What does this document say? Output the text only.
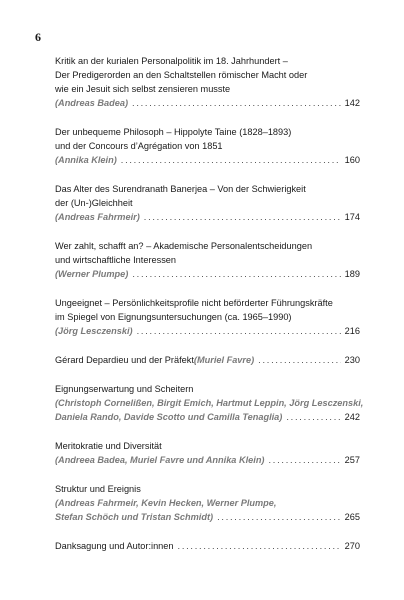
6
Kritik an der kurialen Personalpolitik im 18. Jahrhundert –
Der Predigerorden an den Schaltstellen römischer Macht oder
wie ein Jesuit sich selbst zensieren musste
(Andreas Badea) . . .	142
Der unbequeme Philosoph – Hippolyte Taine (1828–1893)
und der Concours d’Agrégation von 1851
(Annika Klein) . . .	160
Das Alter des Surendranath Banerjea – Von der Schwierigkeit
der (Un-)Gleichheit
(Andreas Fahrmeir) . . .	174
Wer zahlt, schafft an? – Akademische Personalentscheidungen
und wirtschaftliche Interessen
(Werner Plumpe) . . .	189
Ungeeignet – Persönlichkeitsprofile nicht beförderter Führungskräfte
im Spiegel von Eignungsuntersuchungen (ca. 1965–1990)
(Jörg Lesczenski) . . .	216
Gérard Depardieu und der Präfekt (Muriel Favre) . . .	230
Eignungserwartung und Scheitern
(Christoph Cornelißen, Birgit Emich, Hartmut Leppin, Jörg Lesczenski,
Daniela Rando, Davide Scotto und Camilla Tenaglia) . . .	242
Meritokratie und Diversität
(Andreea Badea, Muriel Favre und Annika Klein) . . .	257
Struktur und Ereignis
(Andreas Fahrmeir, Kevin Hecken, Werner Plumpe,
Stefan Schöch und Tristan Schmidt) . . .	265
Danksagung und Autor:innen . . .	270
